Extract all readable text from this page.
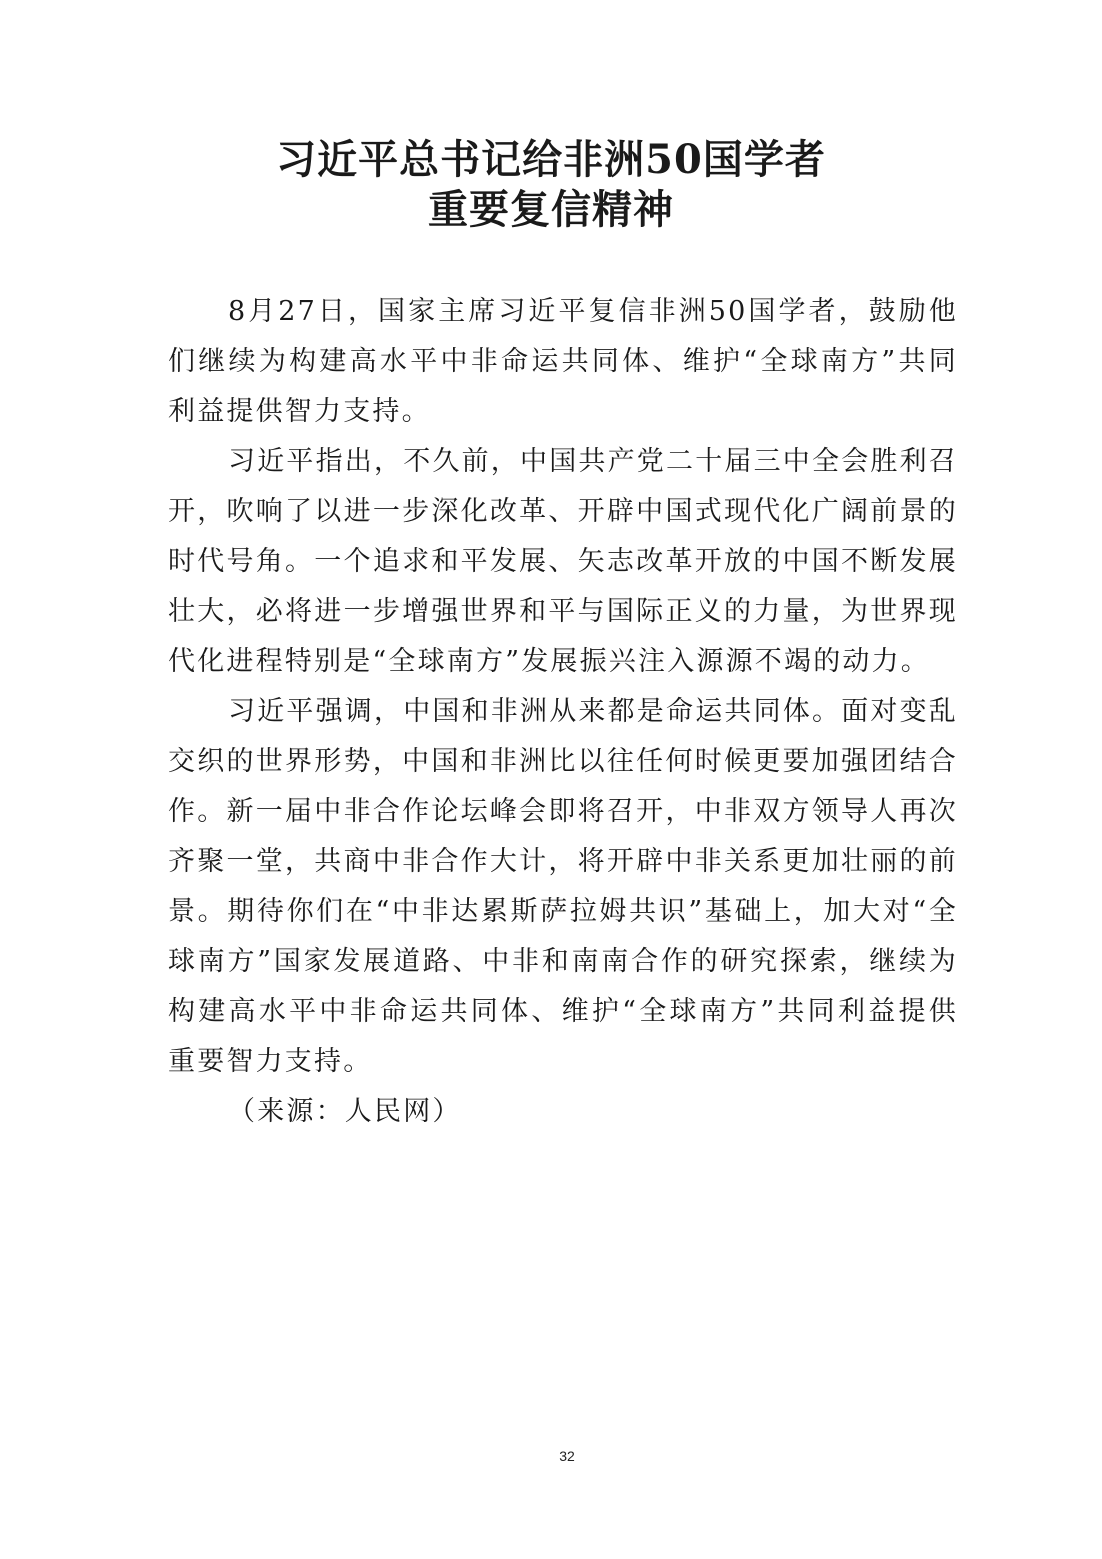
习近平总书记给非洲50国学者
重要复信精神

8月27日，国家主席习近平复信非洲50国学者，鼓励他们继续为构建高水平中非命运共同体、维护“全球南方”共同利益提供智力支持。

习近平指出，不久前，中国共产党二十届三中全会胜利召开，吹响了以进一步深化改革、开辟中国式现代化广阔前景的时代号角。一个追求和平发展、矢志改革开放的中国不断发展壮大，必将进一步增强世界和平与国际正义的力量，为世界现代化进程特别是“全球南方”发展振兴注入源源不竭的动力。

习近平强调，中国和非洲从来都是命运共同体。面对变乱交织的世界形势，中国和非洲比以往任何时候更要加强团结合作。新一届中非合作论坛峰会即将召开，中非双方领导人再次齐聚一堂，共商中非合作大计，将开辟中非关系更加壮丽的前景。期待你们在“中非达累斯萨拉姆共识”基础上，加大对“全球南方”国家发展道路、中非和南南合作的研究探索，继续为构建高水平中非命运共同体、维护“全球南方”共同利益提供重要智力支持。

（来源：人民网）

32
